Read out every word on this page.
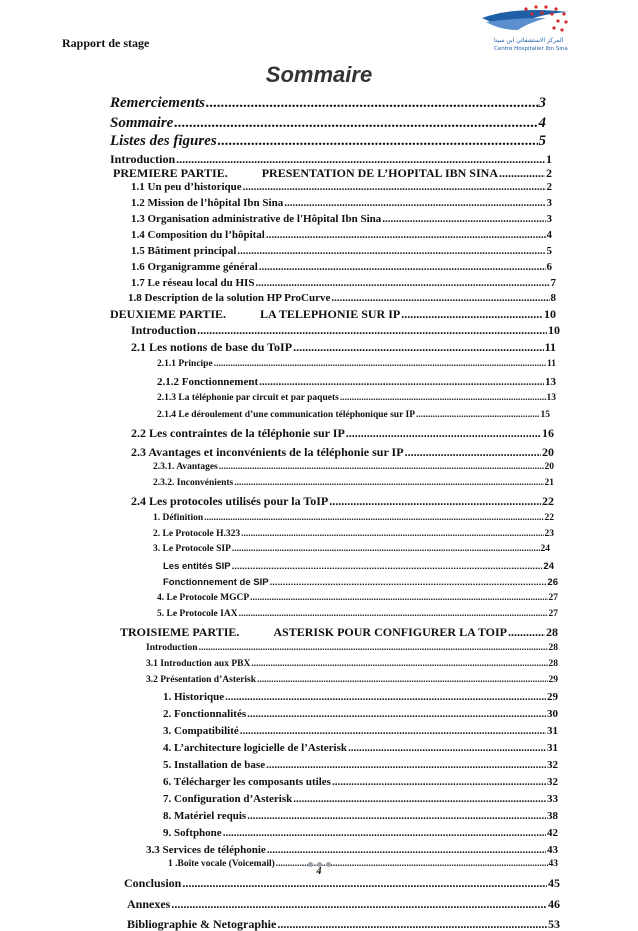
Rapport de stage	المركز الاستشفائي ابن سينا
Centre Hospitalier Ibn Sina
Sommaire
Remerciements .....	3
Sommaire .....	4
Listes des figures .....	5
Introduction .....	1
PREMIERE PARTIE.	PRESENTATION DE L’HOPITAL IBN SINA .....	2
1.1 Un peu d’historique .....	2
1.2 Mission de l’hôpital Ibn Sina .....	3
1.3 Organisation administrative de l'Hôpital Ibn Sina .....	3
1.4 Composition du l’hôpital .....	4
1.5 Bâtiment principal .....	5
1.6 Organigramme général .....	6
1.7 Le réseau local du HIS .....	7
1.8 Description de la solution HP ProCurve .....	8
DEUXIEME PARTIE.	LA TELEPHONIE SUR IP .....	10
Introduction .....	10
2.1 Les notions de base du ToIP .....	11
2.1.1 Principe .....	11
2.1.2 Fonctionnement .....	13
2.1.3 La téléphonie par circuit et par paquets .....	13
2.1.4 Le déroulement d’une communication téléphonique sur IP .....	15
2.2 Les contraintes de la téléphonie sur IP .....	16
2.3 Avantages et inconvénients de la téléphonie sur IP .....	20
2.3.1. Avantages .....	20
2.3.2. Inconvénients .....	21
2.4 Les protocoles utilisés pour la ToIP .....	22
1. Définition .....	22
2. Le Protocole H.323 .....	23
3. Le Protocole SIP .....	24
Les entités SIP .....	24
Fonctionnement de SIP .....	26
4. Le Protocole MGCP .....	27
5. Le Protocole IAX .....	27
TROISIEME PARTIE.	ASTERISK POUR CONFIGURER LA TOIP .....	28
Introduction .....	28
3.1 Introduction aux PBX .....	28
3.2 Présentation d’Asterisk .....	29
1. Historique .....	29
2. Fonctionnalités .....	30
3. Compatibilité .....	31
4. L’architecture logicielle de l’Asterisk .....	31
5. Installation de base .....	32
6. Télécharger les composants utiles .....	32
7. Configuration d’Asterisk .....	33
8. Matériel requis .....	38
9. Softphone .....	42
3.3 Services de téléphonie .....	43
1 .Boîte vocale (Voicemail) .....	43
Conclusion .....	45
Annexes .....	46
Bibliographie & Netographie .....	53
4
